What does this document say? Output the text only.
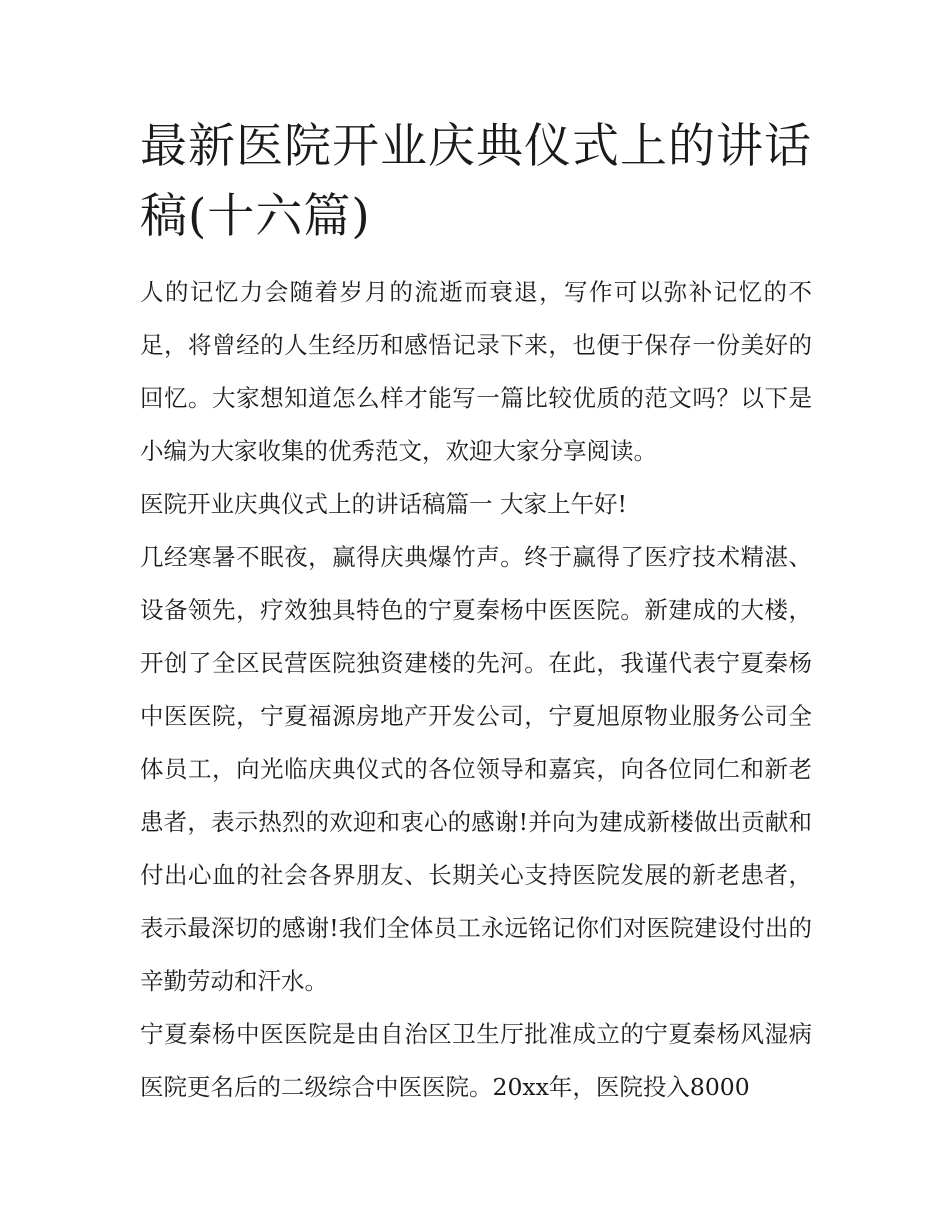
最新医院开业庆典仪式上的讲话稿(十六篇)

人的记忆力会随着岁月的流逝而衰退，写作可以弥补记忆的不足，将曾经的人生经历和感悟记录下来，也便于保存一份美好的回忆。大家想知道怎么样才能写一篇比较优质的范文吗？以下是小编为大家收集的优秀范文，欢迎大家分享阅读。

医院开业庆典仪式上的讲话稿篇一 大家上午好!

几经寒暑不眠夜，赢得庆典爆竹声。终于赢得了医疗技术精湛、设备领先，疗效独具特色的宁夏秦杨中医医院。新建成的大楼，开创了全区民营医院独资建楼的先河。在此，我谨代表宁夏秦杨中医医院，宁夏福源房地产开发公司，宁夏旭原物业服务公司全体员工，向光临庆典仪式的各位领导和嘉宾，向各位同仁和新老患者，表示热烈的欢迎和衷心的感谢!并向为建成新楼做出贡献和付出心血的社会各界朋友、长期关心支持医院发展的新老患者，表示最深切的感谢!我们全体员工永远铭记你们对医院建设付出的辛勤劳动和汗水。

宁夏秦杨中医医院是由自治区卫生厅批准成立的宁夏秦杨风湿病医院更名后的二级综合中医医院。20xx年，医院投入8000
